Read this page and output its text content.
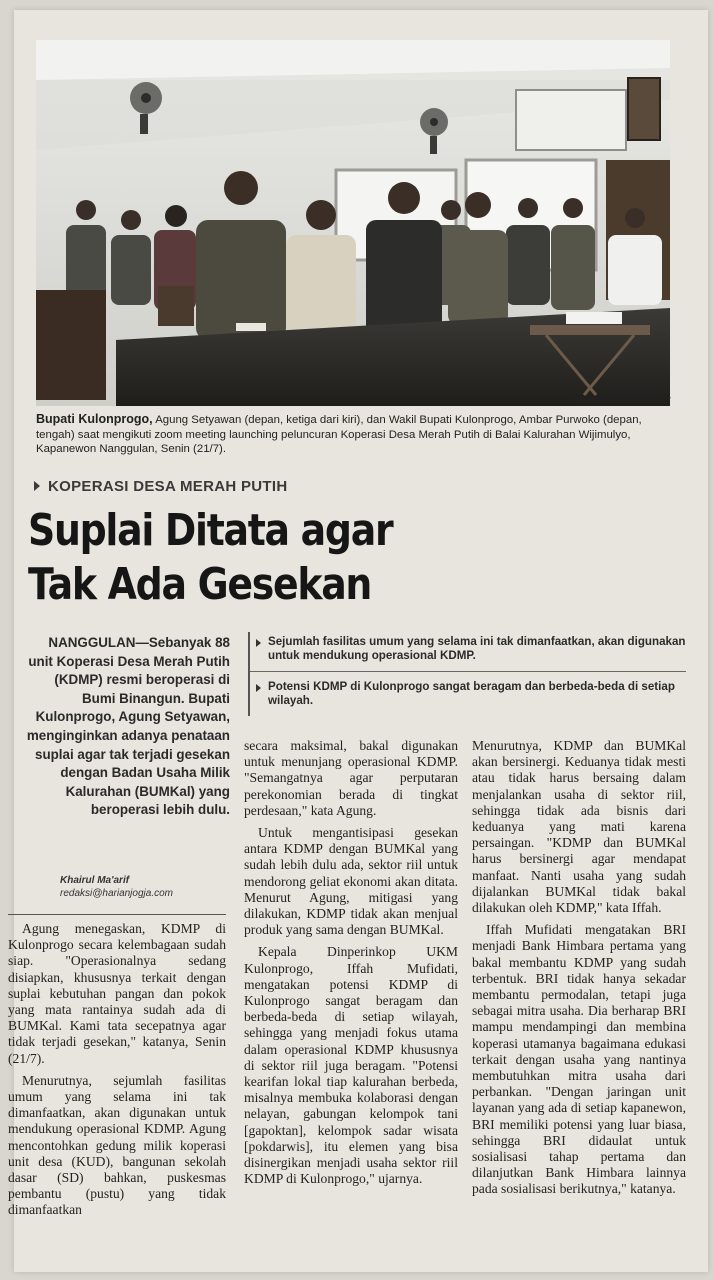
Harian Jogja/Khairul Ma'arif
Bupati Kulonprogo, Agung Setyawan (depan, ketiga dari kiri), dan Wakil Bupati Kulonprogo, Ambar Purwoko (depan, tengah) saat mengikuti zoom meeting launching peluncuran Koperasi Desa Merah Putih di Balai Kalurahan Wijimulyo, Kapanewon Nanggulan, Senin (21/7).
KOPERASI DESA MERAH PUTIH
Suplai Ditata agar
Tak Ada Gesekan
NANGGULAN—Sebanyak 88 unit Koperasi Desa Merah Putih (KDMP) resmi beroperasi di Bumi Binangun. Bupati Kulonprogo, Agung Setyawan, menginginkan adanya penataan suplai agar tak terjadi gesekan dengan Badan Usaha Milik Kalurahan (BUMKal) yang beroperasi lebih dulu.
Khairul Ma'arif
redaksi@harianjogja.com
Sejumlah fasilitas umum yang selama ini tak dimanfaatkan, akan digunakan untuk mendukung operasional KDMP.
Potensi KDMP di Kulonprogo sangat beragam dan berbeda-beda di setiap wilayah.

Agung menegaskan, KDMP di Kulonprogo secara kelembagaan sudah siap. "Operasionalnya sedang disiapkan, khususnya terkait dengan suplai kebutuhan pangan dan pokok yang mata rantainya sudah ada di BUMKal. Kami tata secepatnya agar tidak terjadi gesekan," katanya, Senin (21/7).

Menurutnya, sejumlah fasilitas umum yang selama ini tak dimanfaatkan, akan digunakan untuk mendukung operasional KDMP. Agung mencontohkan gedung milik koperasi unit desa (KUD), bangunan sekolah dasar (SD) bahkan, puskesmas pembantu (pustu) yang tidak dimanfaatkan

secara maksimal, bakal digunakan untuk menunjang operasional KDMP. "Semangatnya agar perputaran perekonomian berada di tingkat perdesaan," kata Agung.

Untuk mengantisipasi gesekan antara KDMP dengan BUMKal yang sudah lebih dulu ada, sektor riil untuk mendorong geliat ekonomi akan ditata. Menurut Agung, mitigasi yang dilakukan, KDMP tidak akan menjual produk yang sama dengan BUMKal.

Kepala Dinperinkop UKM Kulonprogo, Iffah Mufidati, mengatakan potensi KDMP di Kulonprogo sangat beragam dan berbeda-beda di setiap wilayah, sehingga yang menjadi fokus utama dalam operasional KDMP khususnya di sektor riil juga beragam. "Potensi kearifan lokal tiap kalurahan berbeda, misalnya membuka kolaborasi dengan nelayan, gabungan kelompok tani [gapoktan], kelompok sadar wisata [pokdarwis], itu elemen yang bisa disinergikan menjadi usaha sektor riil KDMP di Kulonprogo," ujarnya.

Menurutnya, KDMP dan BUMKal akan bersinergi. Keduanya tidak mesti atau tidak harus bersaing dalam menjalankan usaha di sektor riil, sehingga tidak ada bisnis dari keduanya yang mati karena persaingan. "KDMP dan BUMKal harus bersinergi agar mendapat manfaat. Nanti usaha yang sudah dijalankan BUMKal tidak bakal dilakukan oleh KDMP," kata Iffah.

Iffah Mufidati mengatakan BRI menjadi Bank Himbara pertama yang bakal membantu KDMP yang sudah terbentuk. BRI tidak hanya sekadar membantu permodalan, tetapi juga sebagai mitra usaha. Dia berharap BRI mampu mendampingi dan membina koperasi utamanya bagaimana edukasi terkait dengan usaha yang nantinya membutuhkan mitra usaha dari perbankan. "Dengan jaringan unit layanan yang ada di setiap kapanewon, BRI memiliki potensi yang luar biasa, sehingga BRI didaulat untuk sosialisasi tahap pertama dan dilanjutkan Bank Himbara lainnya pada sosialisasi berikutnya," katanya.
